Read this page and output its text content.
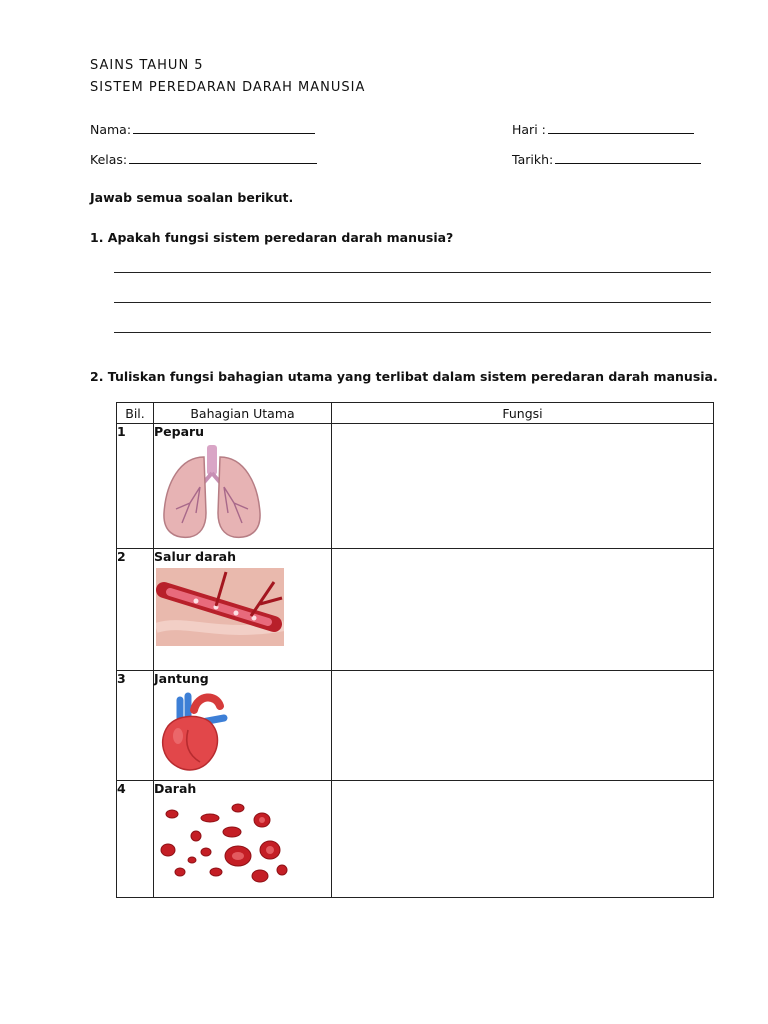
SAINS TAHUN 5
SISTEM PEREDARAN DARAH MANUSIA
Nama:	Hari :
Kelas:	Tarikh:
Jawab semua soalan berikut.
1. Apakah fungsi sistem peredaran darah manusia?
2. Tuliskan fungsi bahagian utama yang terlibat dalam sistem peredaran darah manusia.
Bil.	Bahagian Utama	Fungsi
1	Peparu	

2	Salur darah	

3	Jantung	

4	Darah	
